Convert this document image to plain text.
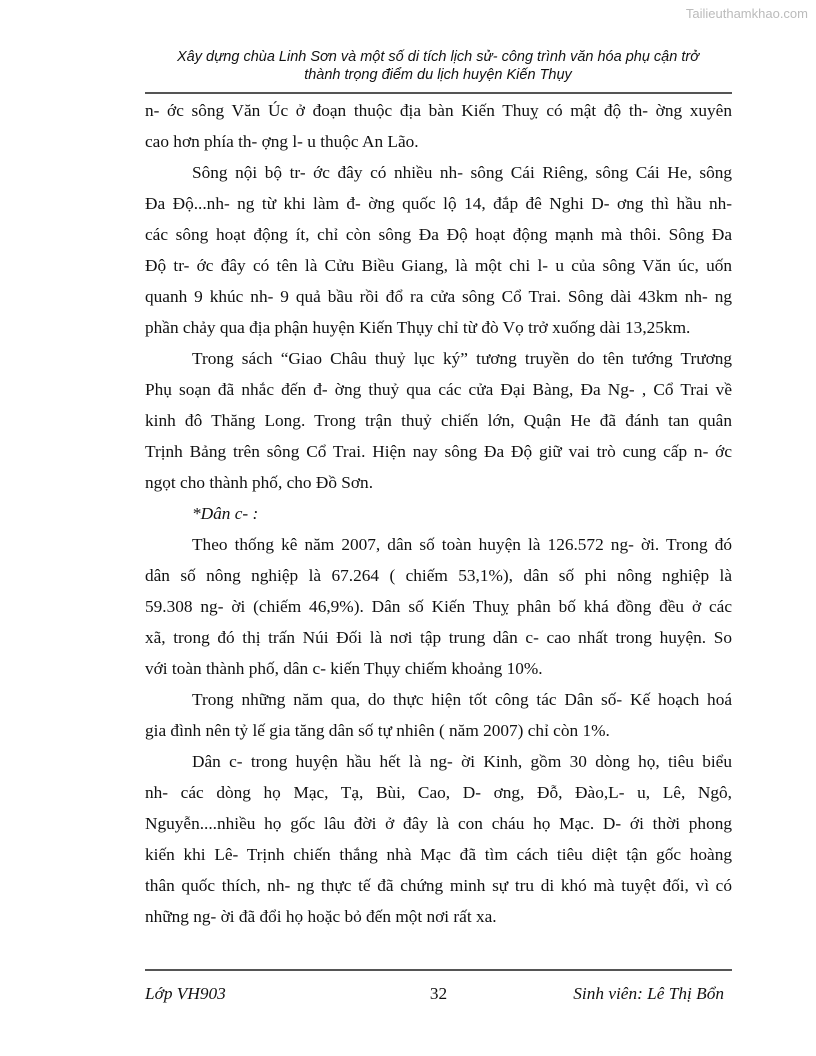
Tailieuthamkhao.com
Xây dựng chùa Linh Sơn và một số di tích lịch sử- công trình văn hóa phụ cận trở
thành trọng điểm du lịch huyện Kiến Thụy
n- ớc sông Văn Úc ở đoạn thuộc địa bàn Kiến Thuỵ có mật độ th- ờng xuyên
cao hơn phía th- ợng l- u thuộc An Lão.
Sông nội bộ tr- ớc đây có nhiều nh- sông Cái Riêng, sông Cái He, sông
Đa Độ...nh- ng từ khi làm đ- ờng quốc lộ 14, đắp đê Nghi D- ơng thì hầu nh-
các sông hoạt động ít, chỉ còn sông Đa Độ hoạt động mạnh mà thôi. Sông Đa
Độ tr- ớc đây có tên là Cửu Biều Giang, là một chi l- u của sông Văn úc, uốn
quanh 9 khúc nh- 9 quả bầu rồi đổ ra cửa sông Cổ Trai. Sông dài 43km nh- ng
phần chảy qua địa phận huyện Kiến Thụy chỉ từ đò Vọ trở xuống dài 13,25km.
Trong sách “Giao Châu thuỷ lục ký” tương truyền do tên tướng Trương
Phụ soạn đã nhắc đến đ- ờng thuỷ qua các cửa Đại Bàng, Đa Ng- , Cổ Trai về
kinh đô Thăng Long. Trong trận thuỷ chiến lớn, Quận He đã đánh tan quân
Trịnh Bảng trên sông Cổ Trai. Hiện nay sông Đa Độ giữ vai trò cung cấp n- ớc
ngọt cho thành phố, cho Đồ Sơn.
*Dân c- :
Theo thống kê năm 2007, dân số toàn huyện là 126.572 ng- ời. Trong đó
dân số nông nghiệp là 67.264 ( chiếm 53,1%), dân số phi nông nghiệp là
59.308 ng- ời (chiếm 46,9%). Dân số Kiến Thuỵ phân bố khá đồng đều ở các
xã, trong đó thị trấn Núi Đối là nơi tập trung dân c- cao nhất trong huyện. So
với toàn thành phố, dân c- kiến Thụy chiếm khoảng 10%.
Trong những năm qua, do thực hiện tốt công tác Dân số- Kế hoạch hoá
gia đình nên tỷ lế gia tăng dân số tự nhiên ( năm 2007) chỉ còn 1%.
Dân c- trong huyện hầu hết là ng- ời Kinh, gồm 30 dòng họ, tiêu biểu
nh- các dòng họ Mạc, Tạ, Bùi, Cao, D- ơng, Đỗ, Đào,L- u, Lê, Ngô,
Nguyễn....nhiều họ gốc lâu đời ở đây là con cháu họ Mạc. D- ới thời phong
kiến khi Lê- Trịnh chiến thắng nhà Mạc đã tìm cách tiêu diệt tận gốc hoàng
thân quốc thích, nh- ng thực tế đã chứng minh sự tru di khó mà tuyệt đối, vì có
những ng- ời đã đổi họ hoặc bỏ đến một nơi rất xa.
Lớp VH903	32	Sinh viên: Lê Thị Bổn
